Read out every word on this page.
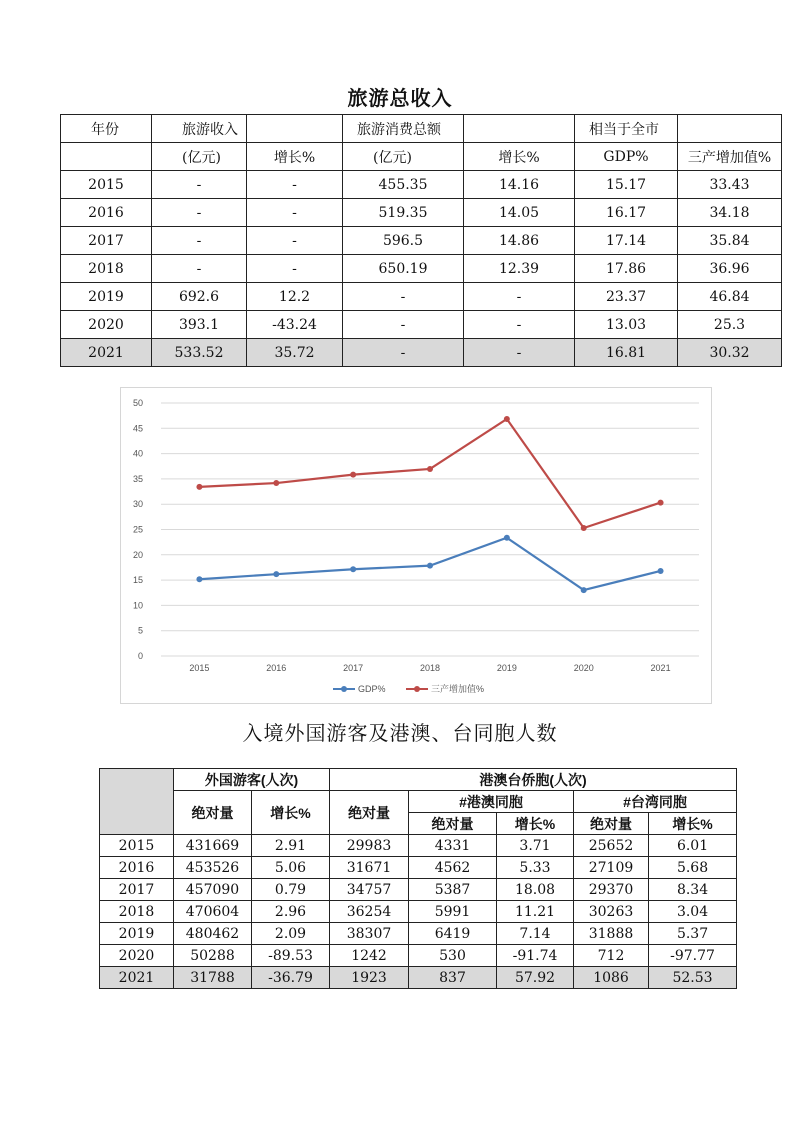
旅游总收入
年份	旅游收入		旅游消费总额		相当于全市	
	(亿元)	增长%	(亿元)	增长%	GDP%	三产增加值%
2015	-	-	455.35	14.16	15.17	33.43
2016	-	-	519.35	14.05	16.17	34.18
2017	-	-	596.5	14.86	17.14	35.84
2018	-	-	650.19	12.39	17.86	36.96
2019	692.6	12.2	-	-	23.37	46.84
2020	393.1	-43.24	-	-	13.03	25.3
2021	533.52	35.72	-	-	16.81	30.32
0
5
10
15
20
25
30
35
40
45
50
2015	2016	2017	2018	2019	2020	2021
GDP%	三产增加值%
入境外国游客及港澳、台同胞人数
	外国游客(人次)		港澳台侨胞(人次)				
	绝对量	增长%	绝对量	#港澳同胞		#台湾同胞	
				绝对量	增长%	绝对量	增长%
2015	431669	2.91	29983	4331	3.71	25652	6.01
2016	453526	5.06	31671	4562	5.33	27109	5.68
2017	457090	0.79	34757	5387	18.08	29370	8.34
2018	470604	2.96	36254	5991	11.21	30263	3.04
2019	480462	2.09	38307	6419	7.14	31888	5.37
2020	50288	-89.53	1242	530	-91.74	712	-97.77
2021	31788	-36.79	1923	837	57.92	1086	52.53
